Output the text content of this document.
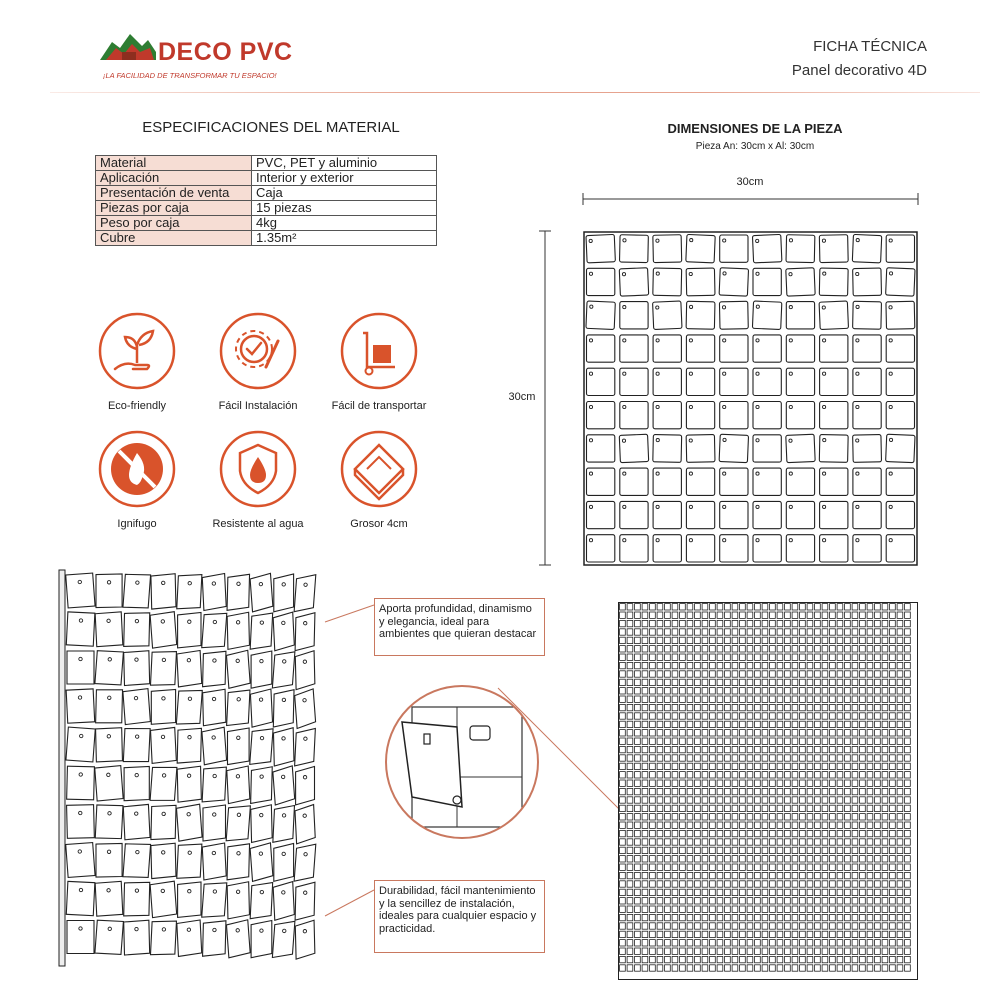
DECO PVC
¡LA FACILIDAD DE TRANSFORMAR TU ESPACIO!
FICHA TÉCNICA
Panel decorativo 4D
ESPECIFICACIONES DEL MATERIAL
Material	PVC, PET y aluminio
Aplicación	Interior y exterior
Presentación de venta	Caja
Piezas por caja	15 piezas
Peso por caja	4kg
Cubre	1.35m²
Eco-friendly	Fácil Instalación	Fácil de transportar
Ignifugo	Resistente al agua	Grosor 4cm
DIMENSIONES DE LA PIEZA
Pieza An: 30cm x Al: 30cm
30cm
30cm
Aporta profundidad, dinamismo y elegancia, ideal para ambientes que quieran destacar
Durabilidad, fácil mantenimiento y la sencillez de instalación, ideales para cualquier espacio y practicidad.
